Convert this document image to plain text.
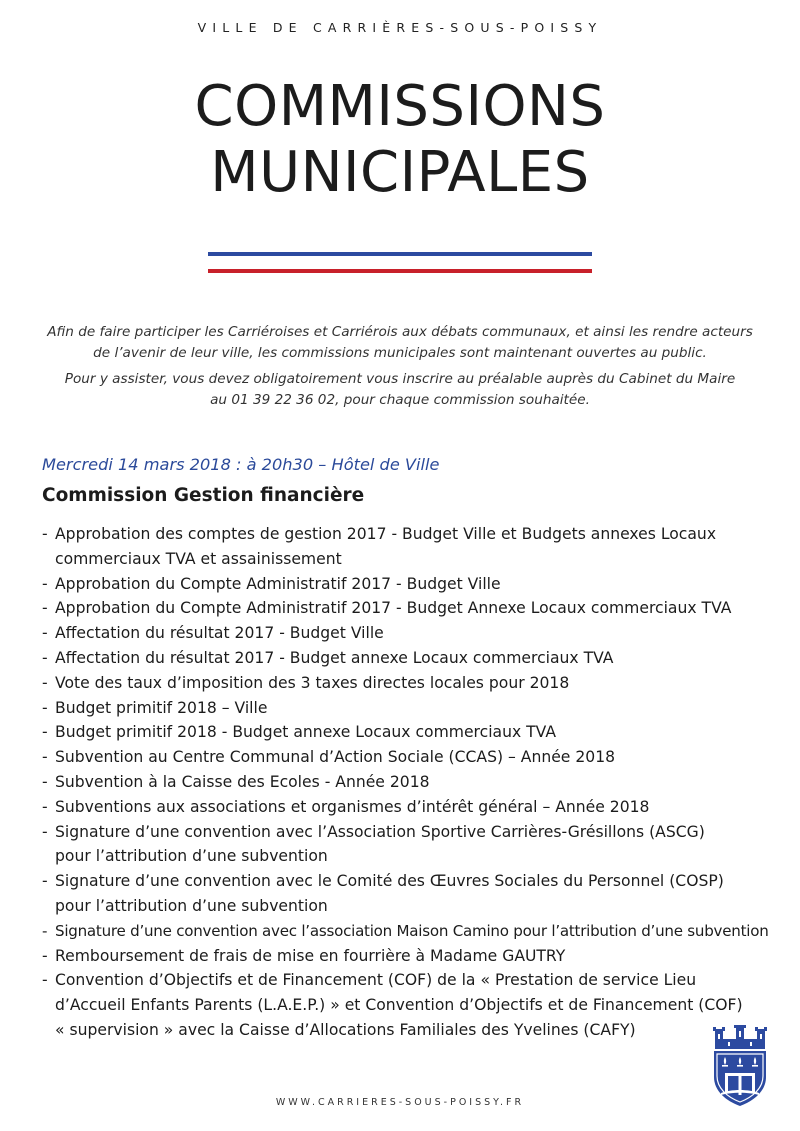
VILLE DE CARRIÈRES-SOUS-POISSY
COMMISSIONS
MUNICIPALES

Afin de faire participer les Carriéroises et Carriérois aux débats communaux, et ainsi les rendre acteurs
de l’avenir de leur ville, les commissions municipales sont maintenant ouvertes au public.

Pour y assister, vous devez obligatoirement vous inscrire au préalable auprès du Cabinet du Maire
au 01 39 22 36 02, pour chaque commission souhaitée.

Mercredi 14 mars 2018 : à 20h30 – Hôtel de Ville
Commission Gestion financière
- Approbation des comptes de gestion 2017 - Budget Ville et Budgets annexes Locaux
commerciaux TVA et assainissement
- Approbation du Compte Administratif 2017 - Budget Ville
- Approbation du Compte Administratif 2017 - Budget Annexe Locaux commerciaux TVA
- Affectation du résultat 2017 - Budget Ville
- Affectation du résultat 2017 - Budget annexe Locaux commerciaux TVA
- Vote des taux d’imposition des 3 taxes directes locales pour 2018
- Budget primitif 2018 – Ville
- Budget primitif 2018 - Budget annexe Locaux commerciaux TVA
- Subvention au Centre Communal d’Action Sociale (CCAS) – Année 2018
- Subvention à la Caisse des Ecoles - Année 2018
- Subventions aux associations et organismes d’intérêt général – Année 2018
- Signature d’une convention avec l’Association Sportive Carrières-Grésillons (ASCG)
pour l’attribution d’une subvention
- Signature d’une convention avec le Comité des Œuvres Sociales du Personnel (COSP)
pour l’attribution d’une subvention
- Signature d’une convention avec l’association Maison Camino pour l’attribution d’une subvention
- Remboursement de frais de mise en fourrière à Madame GAUTRY
- Convention d’Objectifs et de Financement (COF) de la « Prestation de service Lieu
d’Accueil Enfants Parents (L.A.E.P.) » et Convention d’Objectifs et de Financement (COF)
« supervision » avec la Caisse d’Allocations Familiales des Yvelines (CAFY)
WWW.CARRIERES-SOUS-POISSY.FR
